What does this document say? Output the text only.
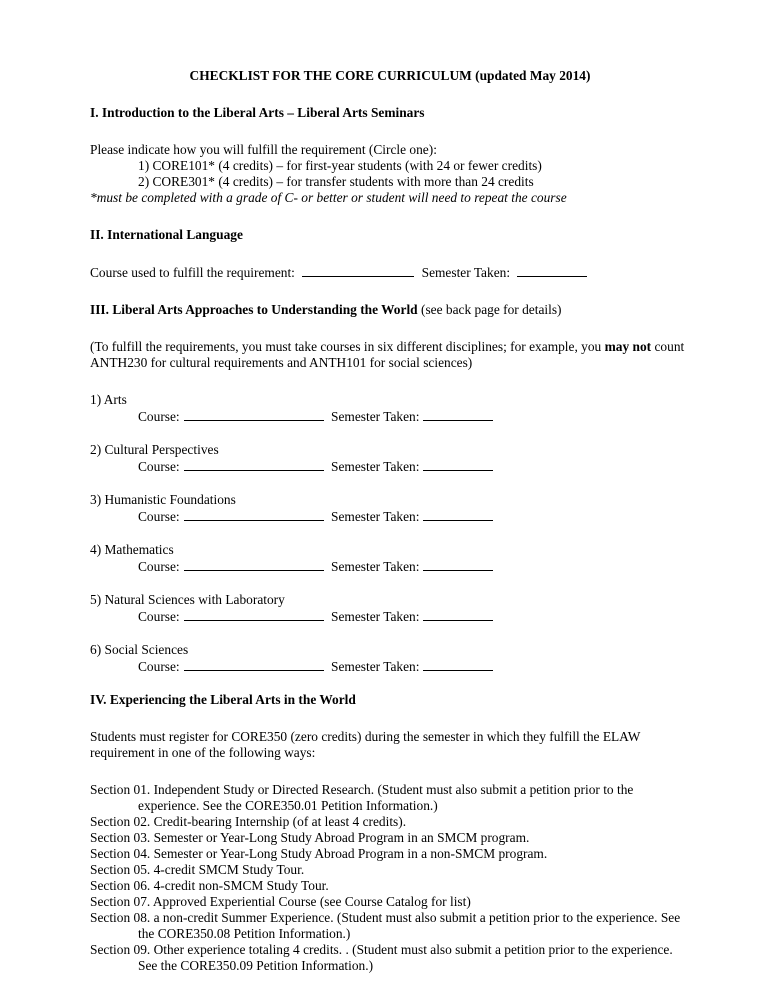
CHECKLIST FOR THE CORE CURRICULUM (updated May 2014)

I. Introduction to the Liberal Arts – Liberal Arts Seminars

Please indicate how you will fulfill the requirement (Circle one):

1) CORE101* (4 credits) – for first-year students (with 24 or fewer credits)

2) CORE301* (4 credits) – for transfer students with more than 24 credits

*must be completed with a grade of C- or better or student will need to repeat the course

II. International Language

Course used to fulfill the requirement:	Semester Taken:

III. Liberal Arts Approaches to Understanding the World (see back page for details)

(To fulfill the requirements, you must take courses in six different disciplines; for example, you may not count ANTH230 for cultural requirements and ANTH101 for social sciences)

1) Arts

Course:	Semester Taken:

2) Cultural Perspectives

Course:	Semester Taken:

3) Humanistic Foundations

Course:	Semester Taken:

4) Mathematics

Course:	Semester Taken:

5) Natural Sciences with Laboratory

Course:	Semester Taken:

6) Social Sciences

Course:	Semester Taken:

IV. Experiencing the Liberal Arts in the World

Students must register for CORE350 (zero credits) during the semester in which they fulfill the ELAW requirement in one of the following ways:

Section 01. Independent Study or Directed Research. (Student must also submit a petition prior to the experience. See the CORE350.01 Petition Information.)

Section 02. Credit-bearing Internship (of at least 4 credits).

Section 03. Semester or Year-Long Study Abroad Program in an SMCM program.

Section 04. Semester or Year-Long Study Abroad Program in a non-SMCM program.

Section 05. 4-credit SMCM Study Tour.

Section 06. 4-credit non-SMCM Study Tour.

Section 07. Approved Experiential Course (see Course Catalog for list)

Section 08. a non-credit Summer Experience. (Student must also submit a petition prior to the experience. See the CORE350.08 Petition Information.)

Section 09. Other experience totaling 4 credits. . (Student must also submit a petition prior to the experience. See the CORE350.09 Petition Information.)
